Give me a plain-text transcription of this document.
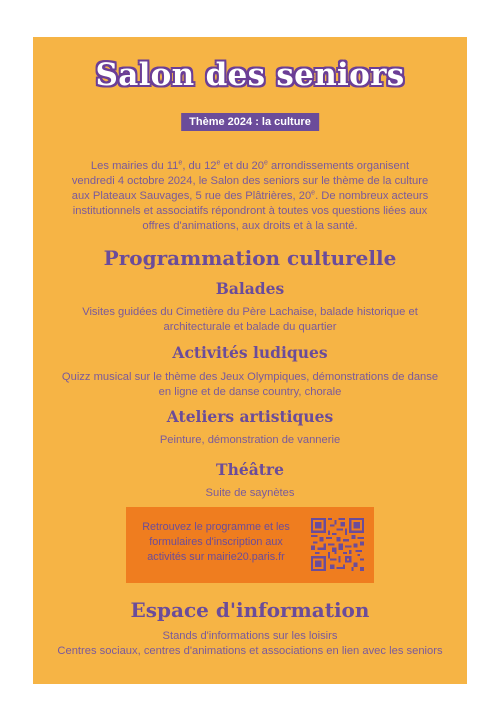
Salon des seniors
Thème 2024 : la culture
Les mairies du 11e, du 12e et du 20e arrondissements organisent
vendredi 4 octobre 2024, le Salon des seniors sur le thème de la culture
aux Plateaux Sauvages, 5 rue des Plâtrières, 20e. De nombreux acteurs
institutionnels et associatifs répondront à toutes vos questions liées aux
offres d'animations, aux droits et à la santé.
Programmation culturelle
Balades
Visites guidées du Cimetière du Père Lachaise, balade historique et
architecturale et balade du quartier
Activités ludiques
Quizz musical sur le thème des Jeux Olympiques, démonstrations de danse
en ligne et de danse country, chorale
Ateliers artistiques
Peinture, démonstration de vannerie
Théâtre
Suite de saynètes
Retrouvez le programme et les
formulaires d'inscription aux
activités sur mairie20.paris.fr
Espace d'information
Stands d'informations sur les loisirs
Centres sociaux, centres d'animations et associations en lien avec les seniors
